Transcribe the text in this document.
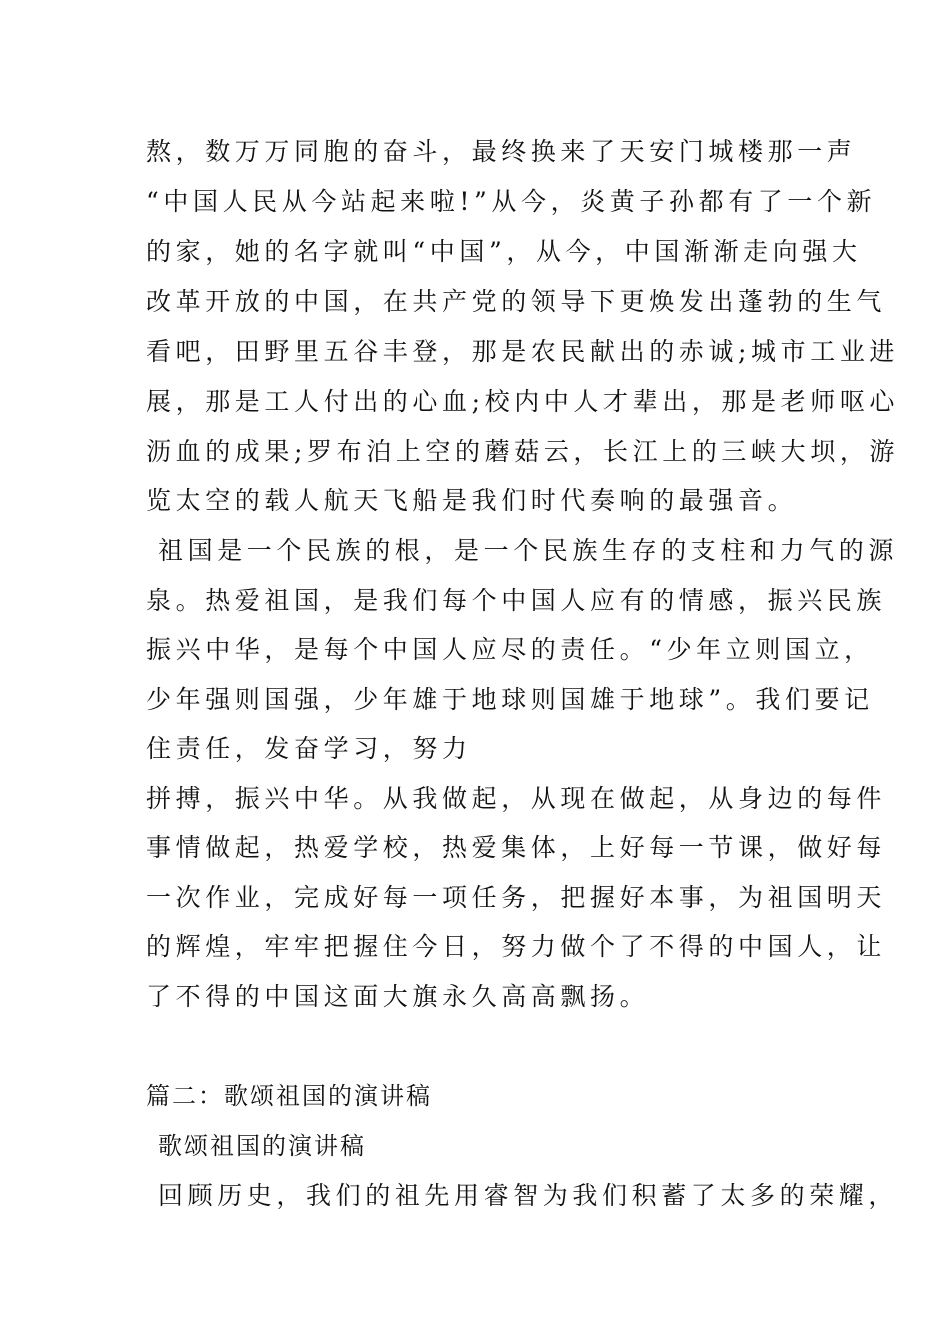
熬，数万万同胞的奋斗，最终换来了天安门城楼那一声
“中国人民从今站起来啦!”从今，炎黄子孙都有了一个新
的家，她的名字就叫“中国”，从今，中国渐渐走向强大
改革开放的中国，在共产党的领导下更焕发出蓬勃的生气
看吧，田野里五谷丰登，那是农民献出的赤诚;城市工业进
展，那是工人付出的心血;校内中人才辈出，那是老师呕心
沥血的成果;罗布泊上空的蘑菇云，长江上的三峡大坝，游
览太空的载人航天飞船是我们时代奏响的最强音。
祖国是一个民族的根，是一个民族生存的支柱和力气的源
泉。热爱祖国，是我们每个中国人应有的情感，振兴民族
振兴中华，是每个中国人应尽的责任。“少年立则国立，
少年强则国强，少年雄于地球则国雄于地球”。我们要记
住责任，发奋学习，努力
拼搏，振兴中华。从我做起，从现在做起，从身边的每件
事情做起，热爱学校，热爱集体，上好每一节课，做好每
一次作业，完成好每一项任务，把握好本事，为祖国明天
的辉煌，牢牢把握住今日，努力做个了不得的中国人，让
了不得的中国这面大旗永久高高飘扬。
篇二：歌颂祖国的演讲稿
歌颂祖国的演讲稿
回顾历史，我们的祖先用睿智为我们积蓄了太多的荣耀，
